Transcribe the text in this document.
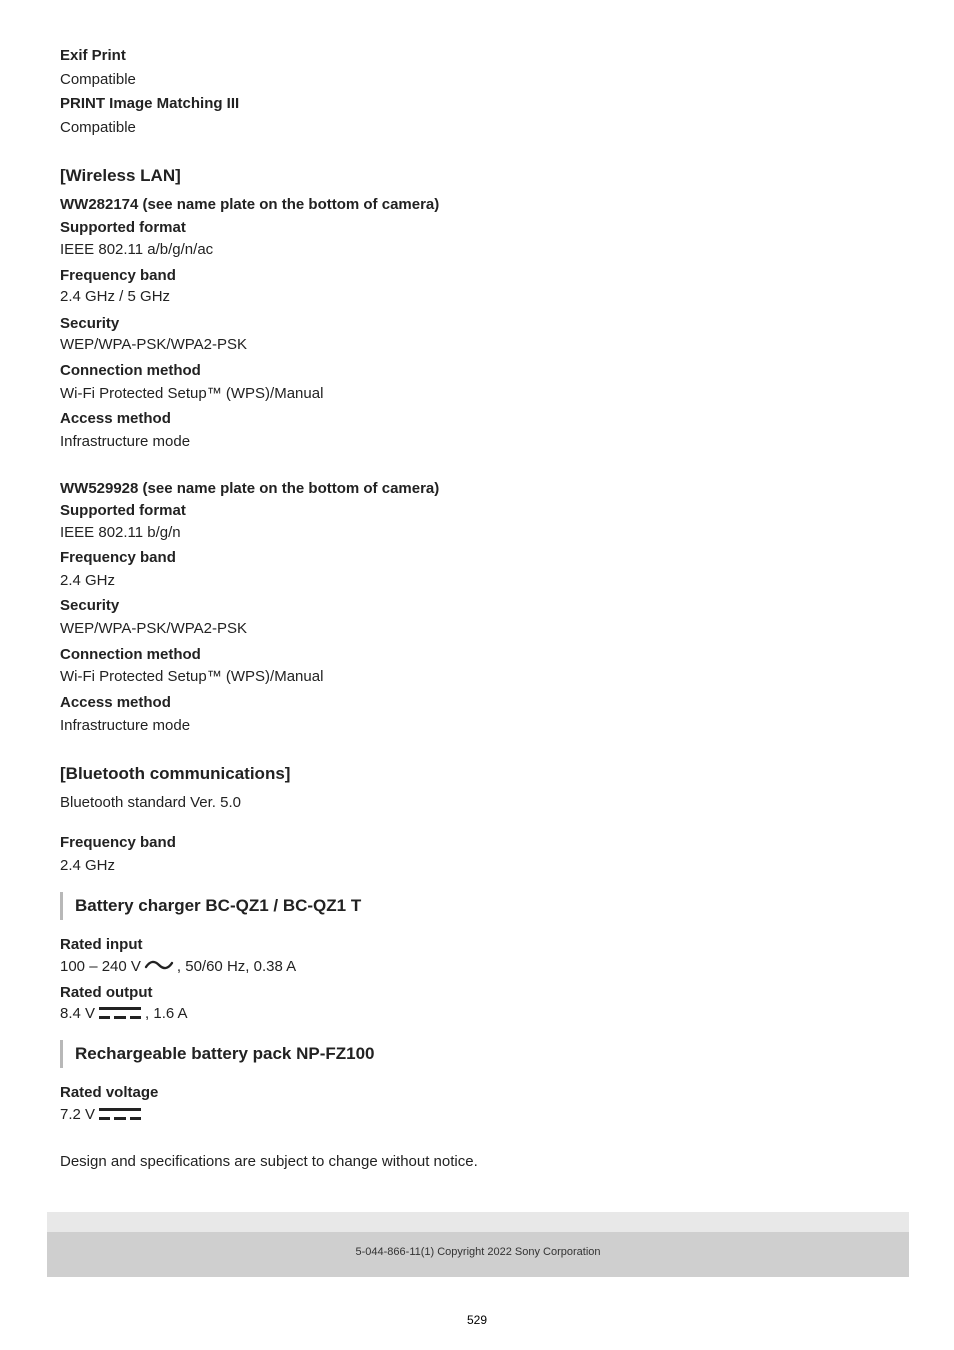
Exif Print
Compatible
PRINT Image Matching III
Compatible
[Wireless LAN]
WW282174 (see name plate on the bottom of camera)
Supported format
IEEE 802.11 a/b/g/n/ac
Frequency band
2.4 GHz / 5 GHz
Security
WEP/WPA-PSK/WPA2-PSK
Connection method
Wi-Fi Protected Setup™ (WPS)/Manual
Access method
Infrastructure mode
WW529928 (see name plate on the bottom of camera)
Supported format
IEEE 802.11 b/g/n
Frequency band
2.4 GHz
Security
WEP/WPA-PSK/WPA2-PSK
Connection method
Wi-Fi Protected Setup™ (WPS)/Manual
Access method
Infrastructure mode
[Bluetooth communications]
Bluetooth standard Ver. 5.0
Frequency band
2.4 GHz
Battery charger BC-QZ1 / BC-QZ1 T
Rated input
100 – 240 V , 50/60 Hz, 0.38 A
Rated output
8.4 V	, 1.6 A
Rechargeable battery pack NP-FZ100
Rated voltage
7.2 V
Design and specifications are subject to change without notice.
5-044-866-11(1) Copyright 2022 Sony Corporation
529
